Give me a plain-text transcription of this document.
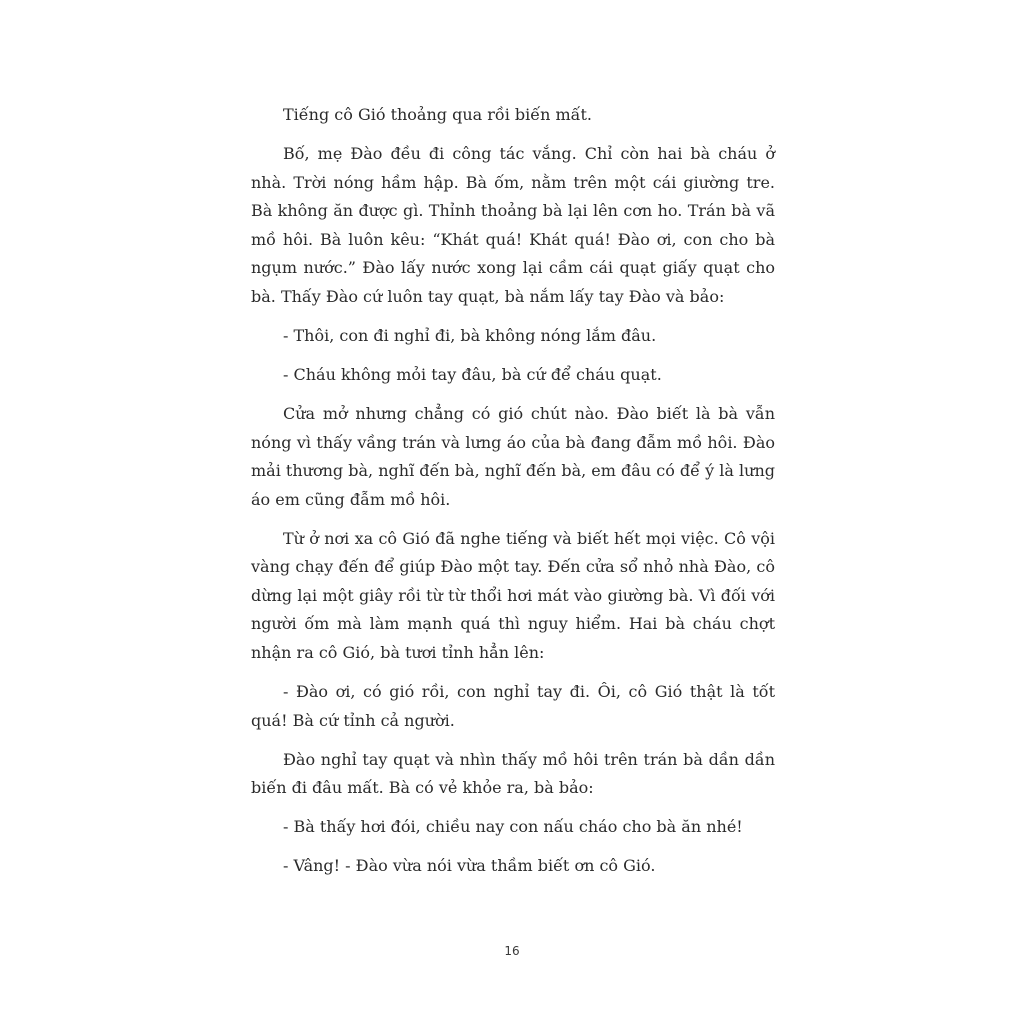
Tiếng cô Gió thoảng qua rồi biến mất.

Bố, mẹ Đào đều đi công tác vắng. Chỉ còn hai bà cháu ở nhà. Trời nóng hầm hập. Bà ốm, nằm trên một cái giường tre. Bà không ăn được gì. Thỉnh thoảng bà lại lên cơn ho. Trán bà vã mồ hôi. Bà luôn kêu: “Khát quá! Khát quá! Đào ơi, con cho bà ngụm nước.” Đào lấy nước xong lại cầm cái quạt giấy quạt cho bà. Thấy Đào cứ luôn tay quạt, bà nắm lấy tay Đào và bảo:

- Thôi, con đi nghỉ đi, bà không nóng lắm đâu.

- Cháu không mỏi tay đâu, bà cứ để cháu quạt.

Cửa mở nhưng chẳng có gió chút nào. Đào biết là bà vẫn nóng vì thấy vầng trán và lưng áo của bà đang đẫm mồ hôi. Đào mải thương bà, nghĩ đến bà, nghĩ đến bà, em đâu có để ý là lưng áo em cũng đẫm mồ hôi.

Từ ở nơi xa cô Gió đã nghe tiếng và biết hết mọi việc. Cô vội vàng chạy đến để giúp Đào một tay. Đến cửa sổ nhỏ nhà Đào, cô dừng lại một giây rồi từ từ thổi hơi mát vào giường bà. Vì đối với người ốm mà làm mạnh quá thì nguy hiểm. Hai bà cháu chợt nhận ra cô Gió, bà tươi tỉnh hẳn lên:

- Đào ơi, có gió rồi, con nghỉ tay đi. Ôi, cô Gió thật là tốt quá! Bà cứ tỉnh cả người.

Đào nghỉ tay quạt và nhìn thấy mồ hôi trên trán bà dần dần biến đi đâu mất. Bà có vẻ khỏe ra, bà bảo:

- Bà thấy hơi đói, chiều nay con nấu cháo cho bà ăn nhé!

- Vâng! - Đào vừa nói vừa thầm biết ơn cô Gió.

16
